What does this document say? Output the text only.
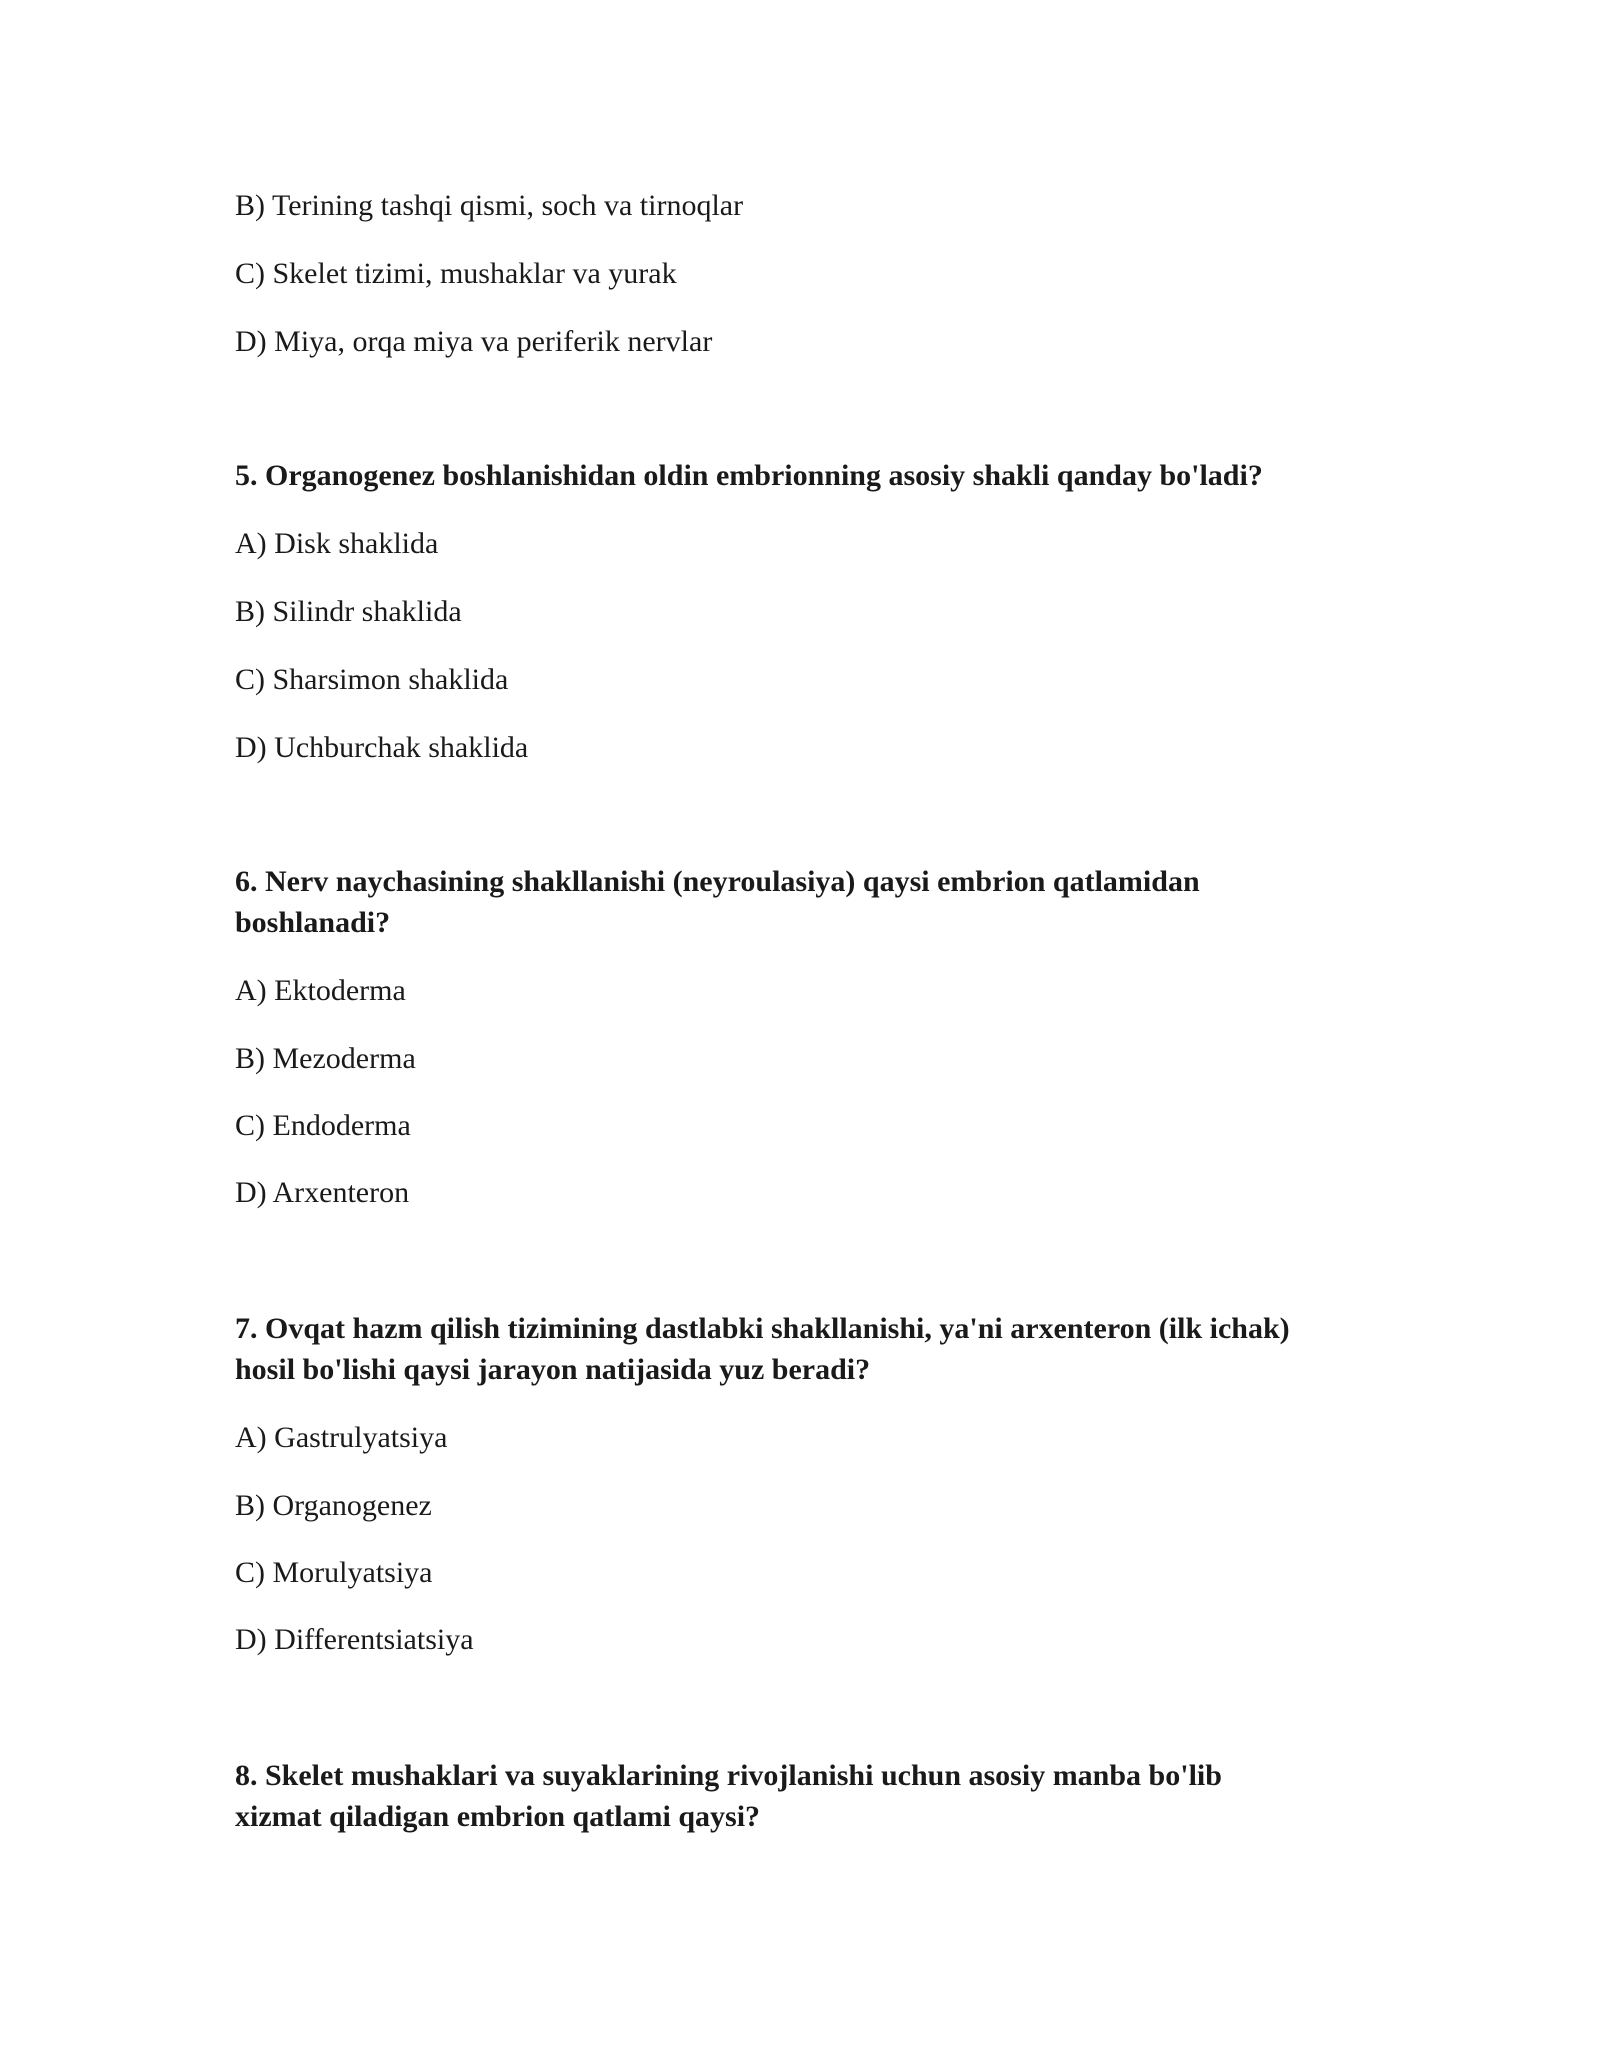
B) Terining tashqi qismi, soch va tirnoqlar
C) Skelet tizimi, mushaklar va yurak
D) Miya, orqa miya va periferik nervlar
5. Organogenez boshlanishidan oldin embrionning asosiy shakli qanday bo'ladi?
A) Disk shaklida
B) Silindr shaklida
C) Sharsimon shaklida
D) Uchburchak shaklida
6. Nerv naychasining shakllanishi (neyroulasiya) qaysi embrion qatlamidan
boshlanadi?
A) Ektoderma
B) Mezoderma
C) Endoderma
D) Arxenteron
7. Ovqat hazm qilish tizimining dastlabki shakllanishi, ya'ni arxenteron (ilk ichak)
hosil bo'lishi qaysi jarayon natijasida yuz beradi?
A) Gastrulyatsiya
B) Organogenez
C) Morulyatsiya
D) Differentsiatsiya
8. Skelet mushaklari va suyaklarining rivojlanishi uchun asosiy manba bo'lib
xizmat qiladigan embrion qatlami qaysi?
